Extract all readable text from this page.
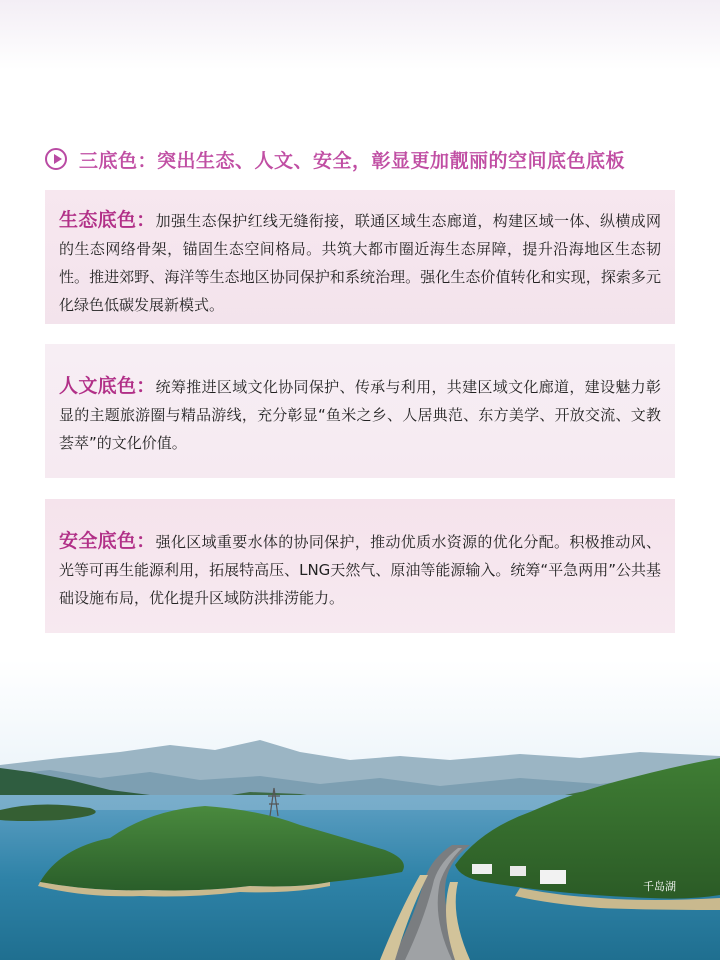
三底色：突出生态、人文、安全，彰显更加靓丽的空间底色底板

生态底色：加强生态保护红线无缝衔接，联通区域生态廊道，构建区域一体、纵横成网的生态网络骨架，锚固生态空间格局。共筑大都市圈近海生态屏障，提升沿海地区生态韧性。推进郊野、海洋等生态地区协同保护和系统治理。强化生态价值转化和实现，探索多元化绿色低碳发展新模式。

人文底色：统筹推进区域文化协同保护、传承与利用，共建区域文化廊道，建设魅力彰显的主题旅游圈与精品游线，充分彰显“鱼米之乡、人居典范、东方美学、开放交流、文教荟萃”的文化价值。

安全底色：强化区域重要水体的协同保护，推动优质水资源的优化分配。积极推动风、光等可再生能源利用，拓展特高压、LNG天然气、原油等能源输入。统筹“平急两用”公共基础设施布局，优化提升区域防洪排涝能力。

千岛湖
